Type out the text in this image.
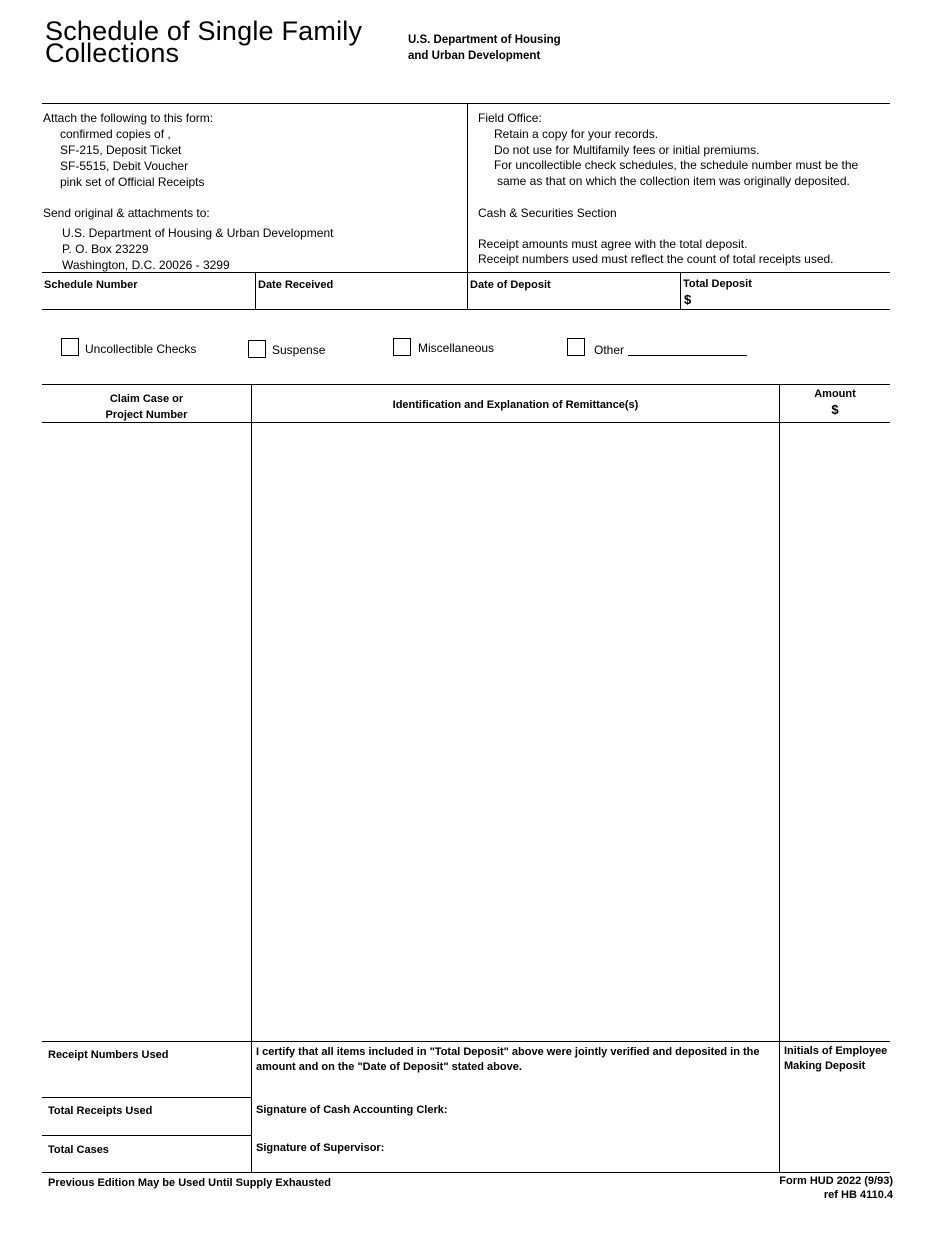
Schedule of Single Family
Collections	U.S. Department of Housing
and Urban Development
Attach the following to this form:
confirmed copies of ,
SF-215, Deposit Ticket
SF-5515, Debit Voucher
pink set of Official Receipts
Send original & attachments to:
U.S. Department of Housing & Urban Development
P. O. Box 23229
Washington, D.C. 20026 - 3299
Field Office:
Retain a copy for your records.
Do not use for Multifamily fees or initial premiums.
For uncollectible check schedules, the schedule number must be the
same as that on which the collection item was originally deposited.
Cash & Securities Section
Receipt amounts must agree with the total deposit.
Receipt numbers used must reflect the count of total receipts used.
Schedule Number	Date Received	Date of Deposit	Total Deposit
$
Uncollectible Checks	Suspense	Miscellaneous	Other
Claim Case or
Project Number
Identification and Explanation of Remittance(s)
Amount
$
Receipt Numbers Used	I certify that all items included in "Total Deposit" above were jointly verified and deposited in the
amount and on the "Date of Deposit" stated above.
Initials of Employee
Making Deposit
Total Receipts Used	Signature of Cash Accounting Clerk:
Total Cases	Signature of Supervisor:
Previous Edition May be Used Until Supply Exhausted	Form HUD 2022 (9/93)
ref HB 4110.4
